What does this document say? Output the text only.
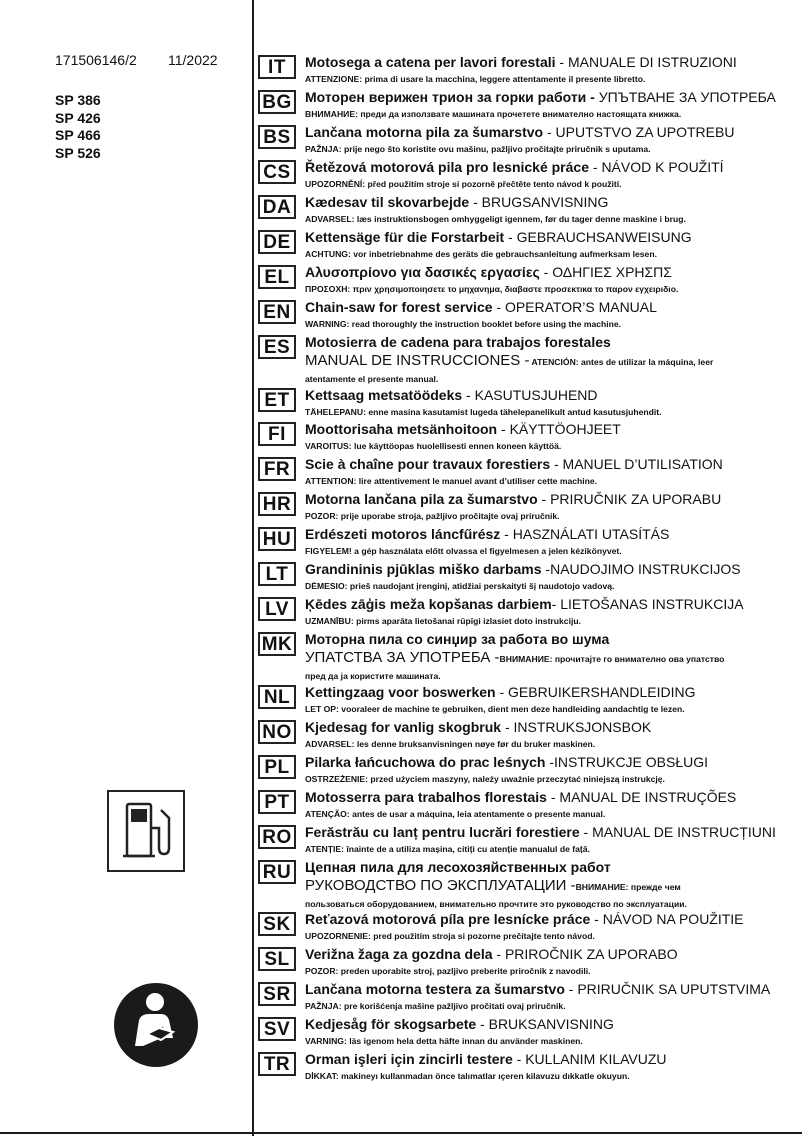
171506146/2 11/2022
SP 386
SP 426
SP 466
SP 526
IT	Motosega a catena per lavori forestali - MANUALE DI ISTRUZIONI
ATTENZIONE: prima di usare la macchina, leggere attentamente il presente libretto.
BG Моторен верижен трион за горки работи - УПЪТВАНЕ ЗА УПОТРЕБА
ВНИМАНИЕ: преди да използвате машината прочетете внимателно настоящата книжка.
BS	Lančana motorna pila za šumarstvo - UPUTSTVO ZA UPOTREBU
PAŽNJA: prije nego što koristite ovu mašinu, pažljivo pročitajte priručnik s uputama.
CS	Řetězová motorová pila pro lesnické práce - NÁVOD K POUŽITÍ
UPOZORNĚNÍ: před použitím stroje si pozorně přečtěte tento návod k použití.
DA Kædesav til skovarbejde - BRUGSANVISNING
ADVARSEL: læs instruktionsbogen omhyggeligt igennem, før du tager denne maskine i brug.
DE	Kettensäge für die Forstarbeit - GEBRAUCHSANWEISUNG
ACHTUNG: vor inbetriebnahme des geräts die gebrauchsanleitung aufmerksam lesen.
EL	Αλυσοπρίονο για δασικές εργασίες - ΟΔΗΓΙΕΣ ΧΡΗΣΠΣ
ΠΡΟΣΟΧΗ: πριν χρησιμοποιησετε το μηχανημα, διαβαστε προσεκτικα το παρον εγχειριδιο.
EN	Chain-saw for forest service - OPERATOR’S MANUAL
WARNING: read thoroughly the instruction booklet before using the machine.
ES	Motosierra de cadena para trabajos forestales
MANUAL DE INSTRUCCIONES - ATENCIÓN: antes de utilizar la máquina, leer
atentamente el presente manual.
ET	Kettsaag metsatöödeks - KASUTUSJUHEND
TÄHELEPANU: enne masina kasutamist lugeda tähelepanelikult antud kasutusjuhendit.
FI	Moottorisaha metsänhoitoon - KÄYTTÖOHJEET
VAROITUS: lue käyttöopas huolellisesti ennen koneen käyttöä.
FR	Scie à chaîne pour travaux forestiers - MANUEL D’UTILISATION
ATTENTION: lire attentivement le manuel avant d’utiliser cette machine.
HR Motorna lančana pila za šumarstvo - PRIRUČNIK ZA UPORABU
POZOR: prije uporabe stroja, pažljivo pročitajte ovaj priručnik.
HU Erdészeti motoros láncfűrész - HASZNÁLATI UTASÍTÁS
FIGYELEM! a gép használata előtt olvassa el figyelmesen a jelen kézikönyvet.
LT	Grandininis pjūklas miško darbams -NAUDOJIMO INSTRUKCIJOS
DĖMESIO: prieš naudojant įrenginį, atidžiai perskaityti šį naudotojo vadovą.
LV	Ķēdes zāģis meža kopšanas darbiem- LIETOŠANAS INSTRUKCIJA
UZMANĪBU: pirms aparāta lietošanai rūpīgi izlasiet doto instrukciju.
MK Моторна пила со синџир за работа во шума
УПАТСТВА ЗА УПОТРЕБА -ВНИМАНИЕ: прочитајте го внимателно ова упатство
пред да ја користите машината.
NL	Kettingzaag voor boswerken - GEBRUIKERSHANDLEIDING
LET OP: vooraleer de machine te gebruiken, dient men deze handleiding aandachtig te lezen.
NO Kjedesag for vanlig skogbruk - INSTRUKSJONSBOK
ADVARSEL: les denne bruksanvisningen nøye før du bruker maskinen.
PL	Pilarka łańcuchowa do prac leśnych -INSTRUKCJE OBSŁUGI
OSTRZEŻENIE: przed użyciem maszyny, należy uważnie przeczytać niniejszą instrukcję.
PT	Motosserra para trabalhos florestais - MANUAL DE INSTRUÇÕES
ATENÇÃO: antes de usar a máquina, leia atentamente o presente manual.
RO Ferăstrău cu lanț pentru lucrări forestiere - MANUAL DE INSTRUCȚIUNI
ATENȚIE: înainte de a utiliza mașina, citiți cu atenție manualul de față.
RU Цепная пила для лесохозяйственных работ
РУКОВОДСТВО ПО ЭКСПЛУАТАЦИИ -ВНИМАНИЕ: прежде чем
пользоваться оборудованием, внимательно прочтите это руководство по эксплуатации.
SK	Reťazová motorová píla pre lesnícke práce - NÁVOD NA POUŽITIE
UPOZORNENIE: pred použitím stroja si pozorne prečítajte tento návod.
SL	Verižna žaga za gozdna dela - PRIROČNIK ZA UPORABO
POZOR: preden uporabite stroj, pazljivo preberite priročnik z navodili.
SR	Lančana motorna testera za šumarstvo - PRIRUČNIK SA UPUTSTVIMA
PAŽNJA: pre korišćenja mašine pažljivo pročitati ovaj priručnik.
SV	Kedjesåg för skogsarbete - BRUKSANVISNING
VARNING: läs igenom hela detta häfte innan du använder maskinen.
TR	Orman işleri için zincirli testere - KULLANIM KILAVUZU
DİKKAT: makineyı kullanmadan önce talımatlar ıçeren kilavuzu dıkkatle okuyun.
